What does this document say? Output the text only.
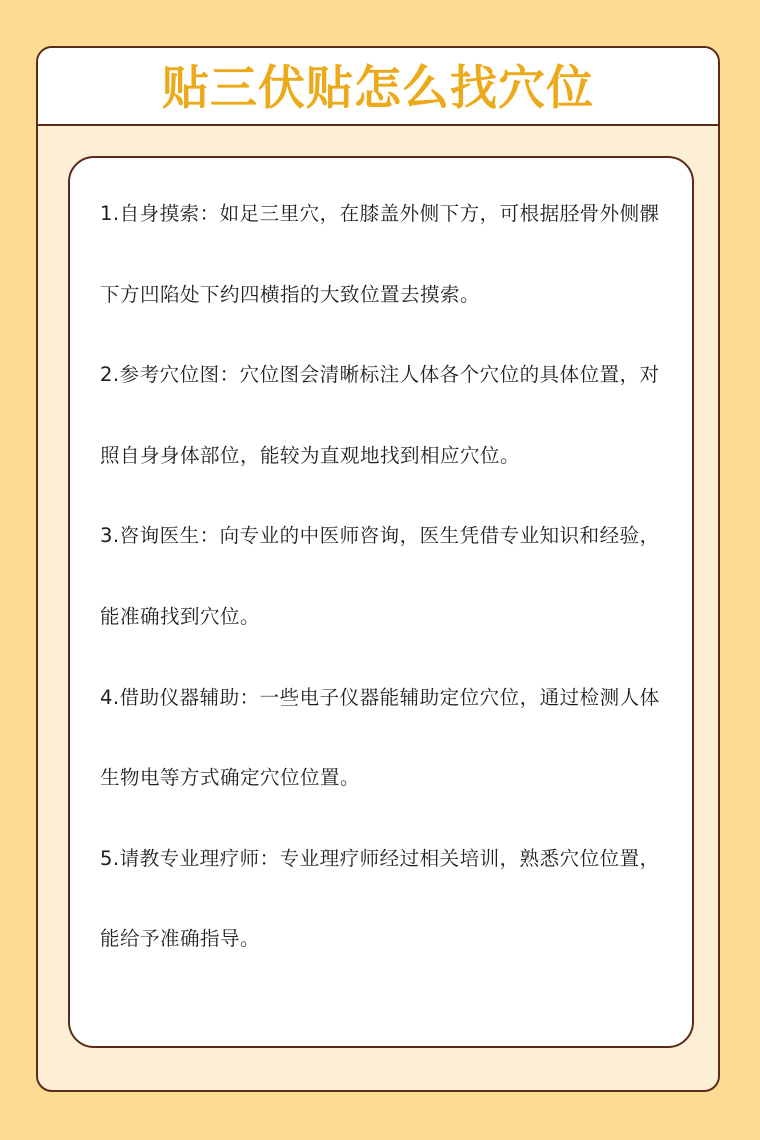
贴三伏贴怎么找穴位

1.自身摸索：如足三里穴，在膝盖外侧下方，可根据胫骨外侧髁下方凹陷处下约四横指的大致位置去摸索。

2.参考穴位图：穴位图会清晰标注人体各个穴位的具体位置，对照自身身体部位，能较为直观地找到相应穴位。

3.咨询医生：向专业的中医师咨询，医生凭借专业知识和经验，能准确找到穴位。

4.借助仪器辅助：一些电子仪器能辅助定位穴位，通过检测人体生物电等方式确定穴位位置。

5.请教专业理疗师：专业理疗师经过相关培训，熟悉穴位位置，能给予准确指导。
